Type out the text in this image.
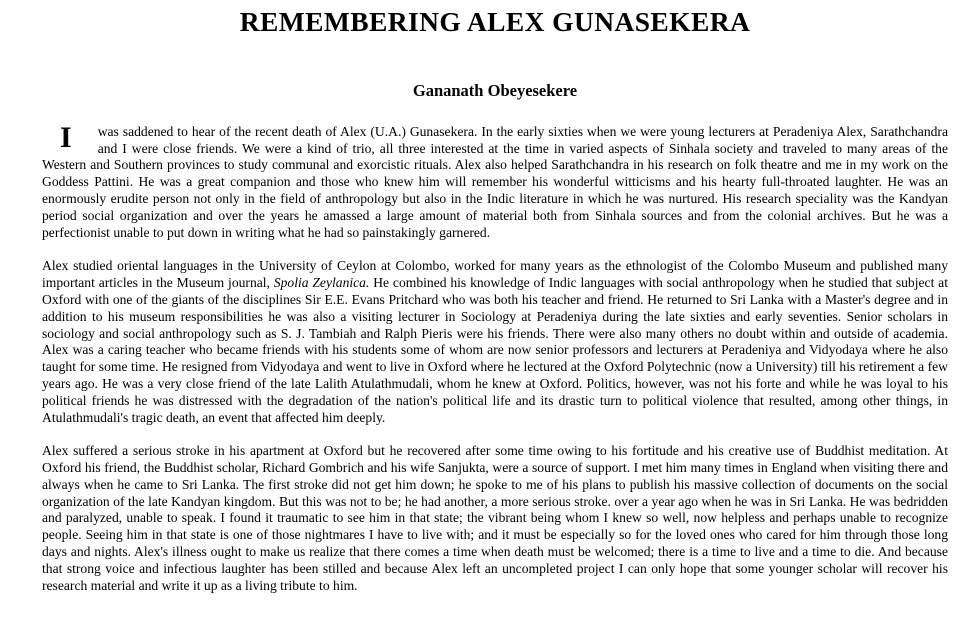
REMEMBERING ALEX GUNASEKERA
Gananath Obeyesekere

I	was saddened to hear of the recent death of Alex (U.A.) Gunasekera. In the early sixties when we were young lecturers at Peradeniya Alex, Sarathchandra and I were close friends. We were a kind of trio, all three interested at the time in varied aspects of Sinhala society and traveled to many areas of the Western and Southern provinces to study communal and exorcistic rituals. Alex also helped Sarathchandra in his research on folk theatre and me in my work on the Goddess Pattini. He was a great companion and those who knew him will remember his wonderful witticisms and his hearty full-throated laughter. He was an enormously erudite person not only in the field of anthropology but also in the Indic literature in which he was nurtured. His research speciality was the Kandyan period social organization and over the years he amassed a large amount of material both from Sinhala sources and from the colonial archives. But he was a perfectionist unable to put down in writing what he had so painstakingly garnered.

Alex studied oriental languages in the University of Ceylon at Colombo, worked for many years as the ethnologist of the Colombo Museum and published many important articles in the Museum journal, Spolia Zeylanica. He combined his knowledge of Indic languages with social anthropology when he studied that subject at Oxford with one of the giants of the disciplines Sir E.E. Evans Pritchard who was both his teacher and friend. He returned to Sri Lanka with a Master's degree and in addition to his museum responsibilities he was also a visiting lecturer in Sociology at Peradeniya during the late sixties and early seventies. Senior scholars in sociology and social anthropology such as S. J. Tambiah and Ralph Pieris were his friends. There were also many others no doubt within and outside of academia. Alex was a caring teacher who became friends with his students some of whom are now senior professors and lecturers at Peradeniya and Vidyodaya where he also taught for some time. He resigned from Vidyodaya and went to live in Oxford where he lectured at the Oxford Polytechnic (now a University) till his retirement a few years ago. He was a very close friend of the late Lalith Atulathmudali, whom he knew at Oxford. Politics, however, was not his forte and while he was loyal to his political friends he was distressed with the degradation of the nation's political life and its drastic turn to political violence that resulted, among other things, in Atulathmudali's tragic death, an event that affected him deeply.

Alex suffered a serious stroke in his apartment at Oxford but he recovered after some time owing to his fortitude and his creative use of Buddhist meditation. At Oxford his friend, the Buddhist scholar, Richard Gombrich and his wife Sanjukta, were a source of support. I met him many times in England when visiting there and always when he came to Sri Lanka. The first stroke did not get him down; he spoke to me of his plans to publish his massive collection of documents on the social organization of the late Kandyan kingdom. But this was not to be; he had another, a more serious stroke. over a year ago when he was in Sri Lanka. He was bedridden and paralyzed, unable to speak. I found it traumatic to see him in that state; the vibrant being whom I knew so well, now helpless and perhaps unable to recognize people. Seeing him in that state is one of those nightmares I have to live with; and it must be especially so for the loved ones who cared for him through those long days and nights. Alex's illness ought to make us realize that there comes a time when death must be welcomed; there is a time to live and a time to die. And because that strong voice and infectious laughter has been stilled and because Alex left an uncompleted project I can only hope that some younger scholar will recover his research material and write it up as a living tribute to him.
